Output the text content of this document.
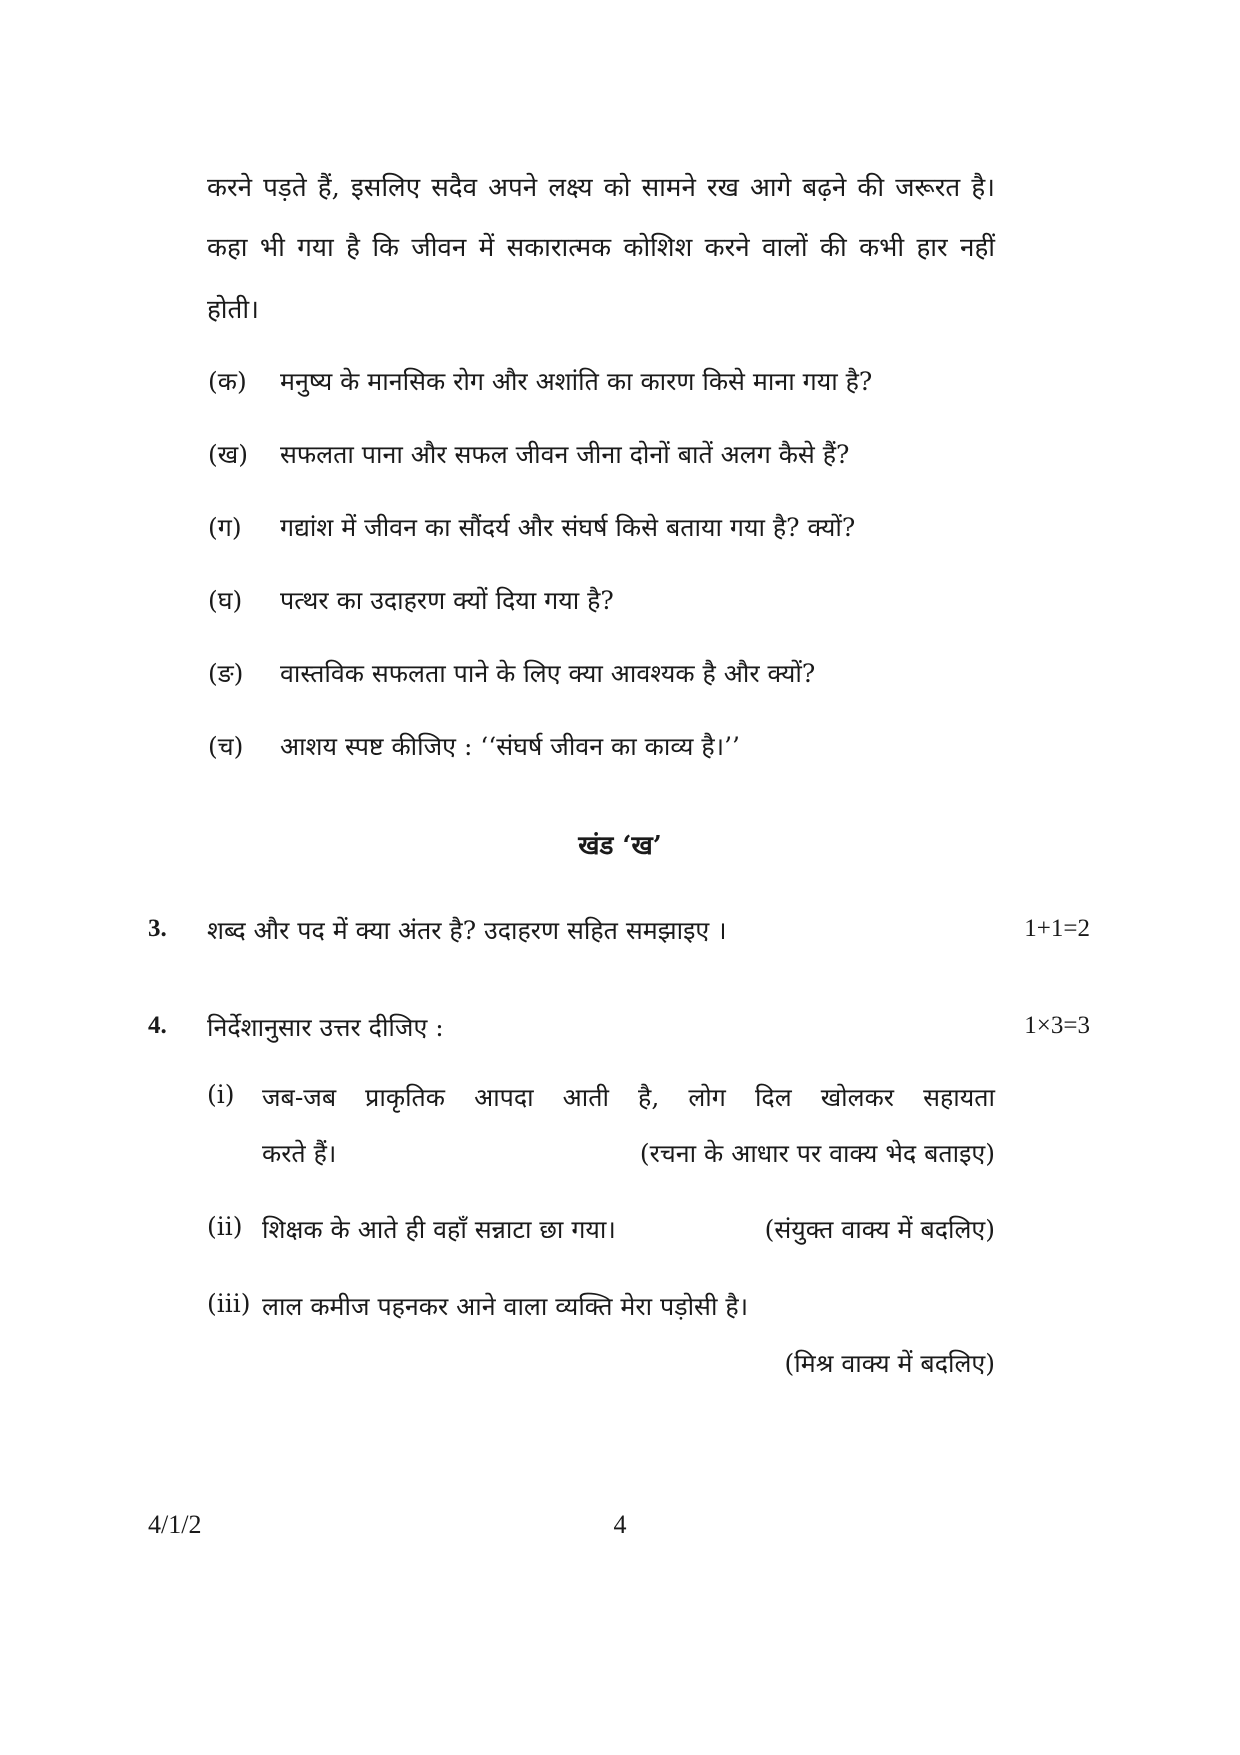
करने पड़ते हैं, इसलिए सदैव अपने लक्ष्य को सामने रख आगे बढ़ने की जरूरत है।
कहा भी गया है कि जीवन में सकारात्मक कोशिश करने वालों की कभी हार नहीं
होती।
(क) मनुष्य के मानसिक रोग और अशांति का कारण किसे माना गया है?
(ख) सफलता पाना और सफल जीवन जीना दोनों बातें अलग कैसे हैं?
(ग) गद्यांश में जीवन का सौंदर्य और संघर्ष किसे बताया गया है? क्यों?
(घ) पत्थर का उदाहरण क्यों दिया गया है?
(ङ) वास्तविक सफलता पाने के लिए क्या आवश्यक है और क्यों?
(च) आशय स्पष्ट कीजिए : ‘‘संघर्ष जीवन का काव्य है।’’
खंड ‘ख’
3. शब्द और पद में क्या अंतर है? उदाहरण सहित समझाइए ।	1+1=2
4. निर्देशानुसार उत्तर दीजिए :	1×3=3
(i) जब-जब प्राकृतिक आपदा आती है, लोग दिल खोलकर सहायता
करते हैं।	(रचना के आधार पर वाक्य भेद बताइए)
(ii) शिक्षक के आते ही वहाँ सन्नाटा छा गया।	(संयुक्त वाक्य में बदलिए)
(iii) लाल कमीज पहनकर आने वाला व्यक्ति मेरा पड़ोसी है।
(मिश्र वाक्य में बदलिए)
4/1/2	4
